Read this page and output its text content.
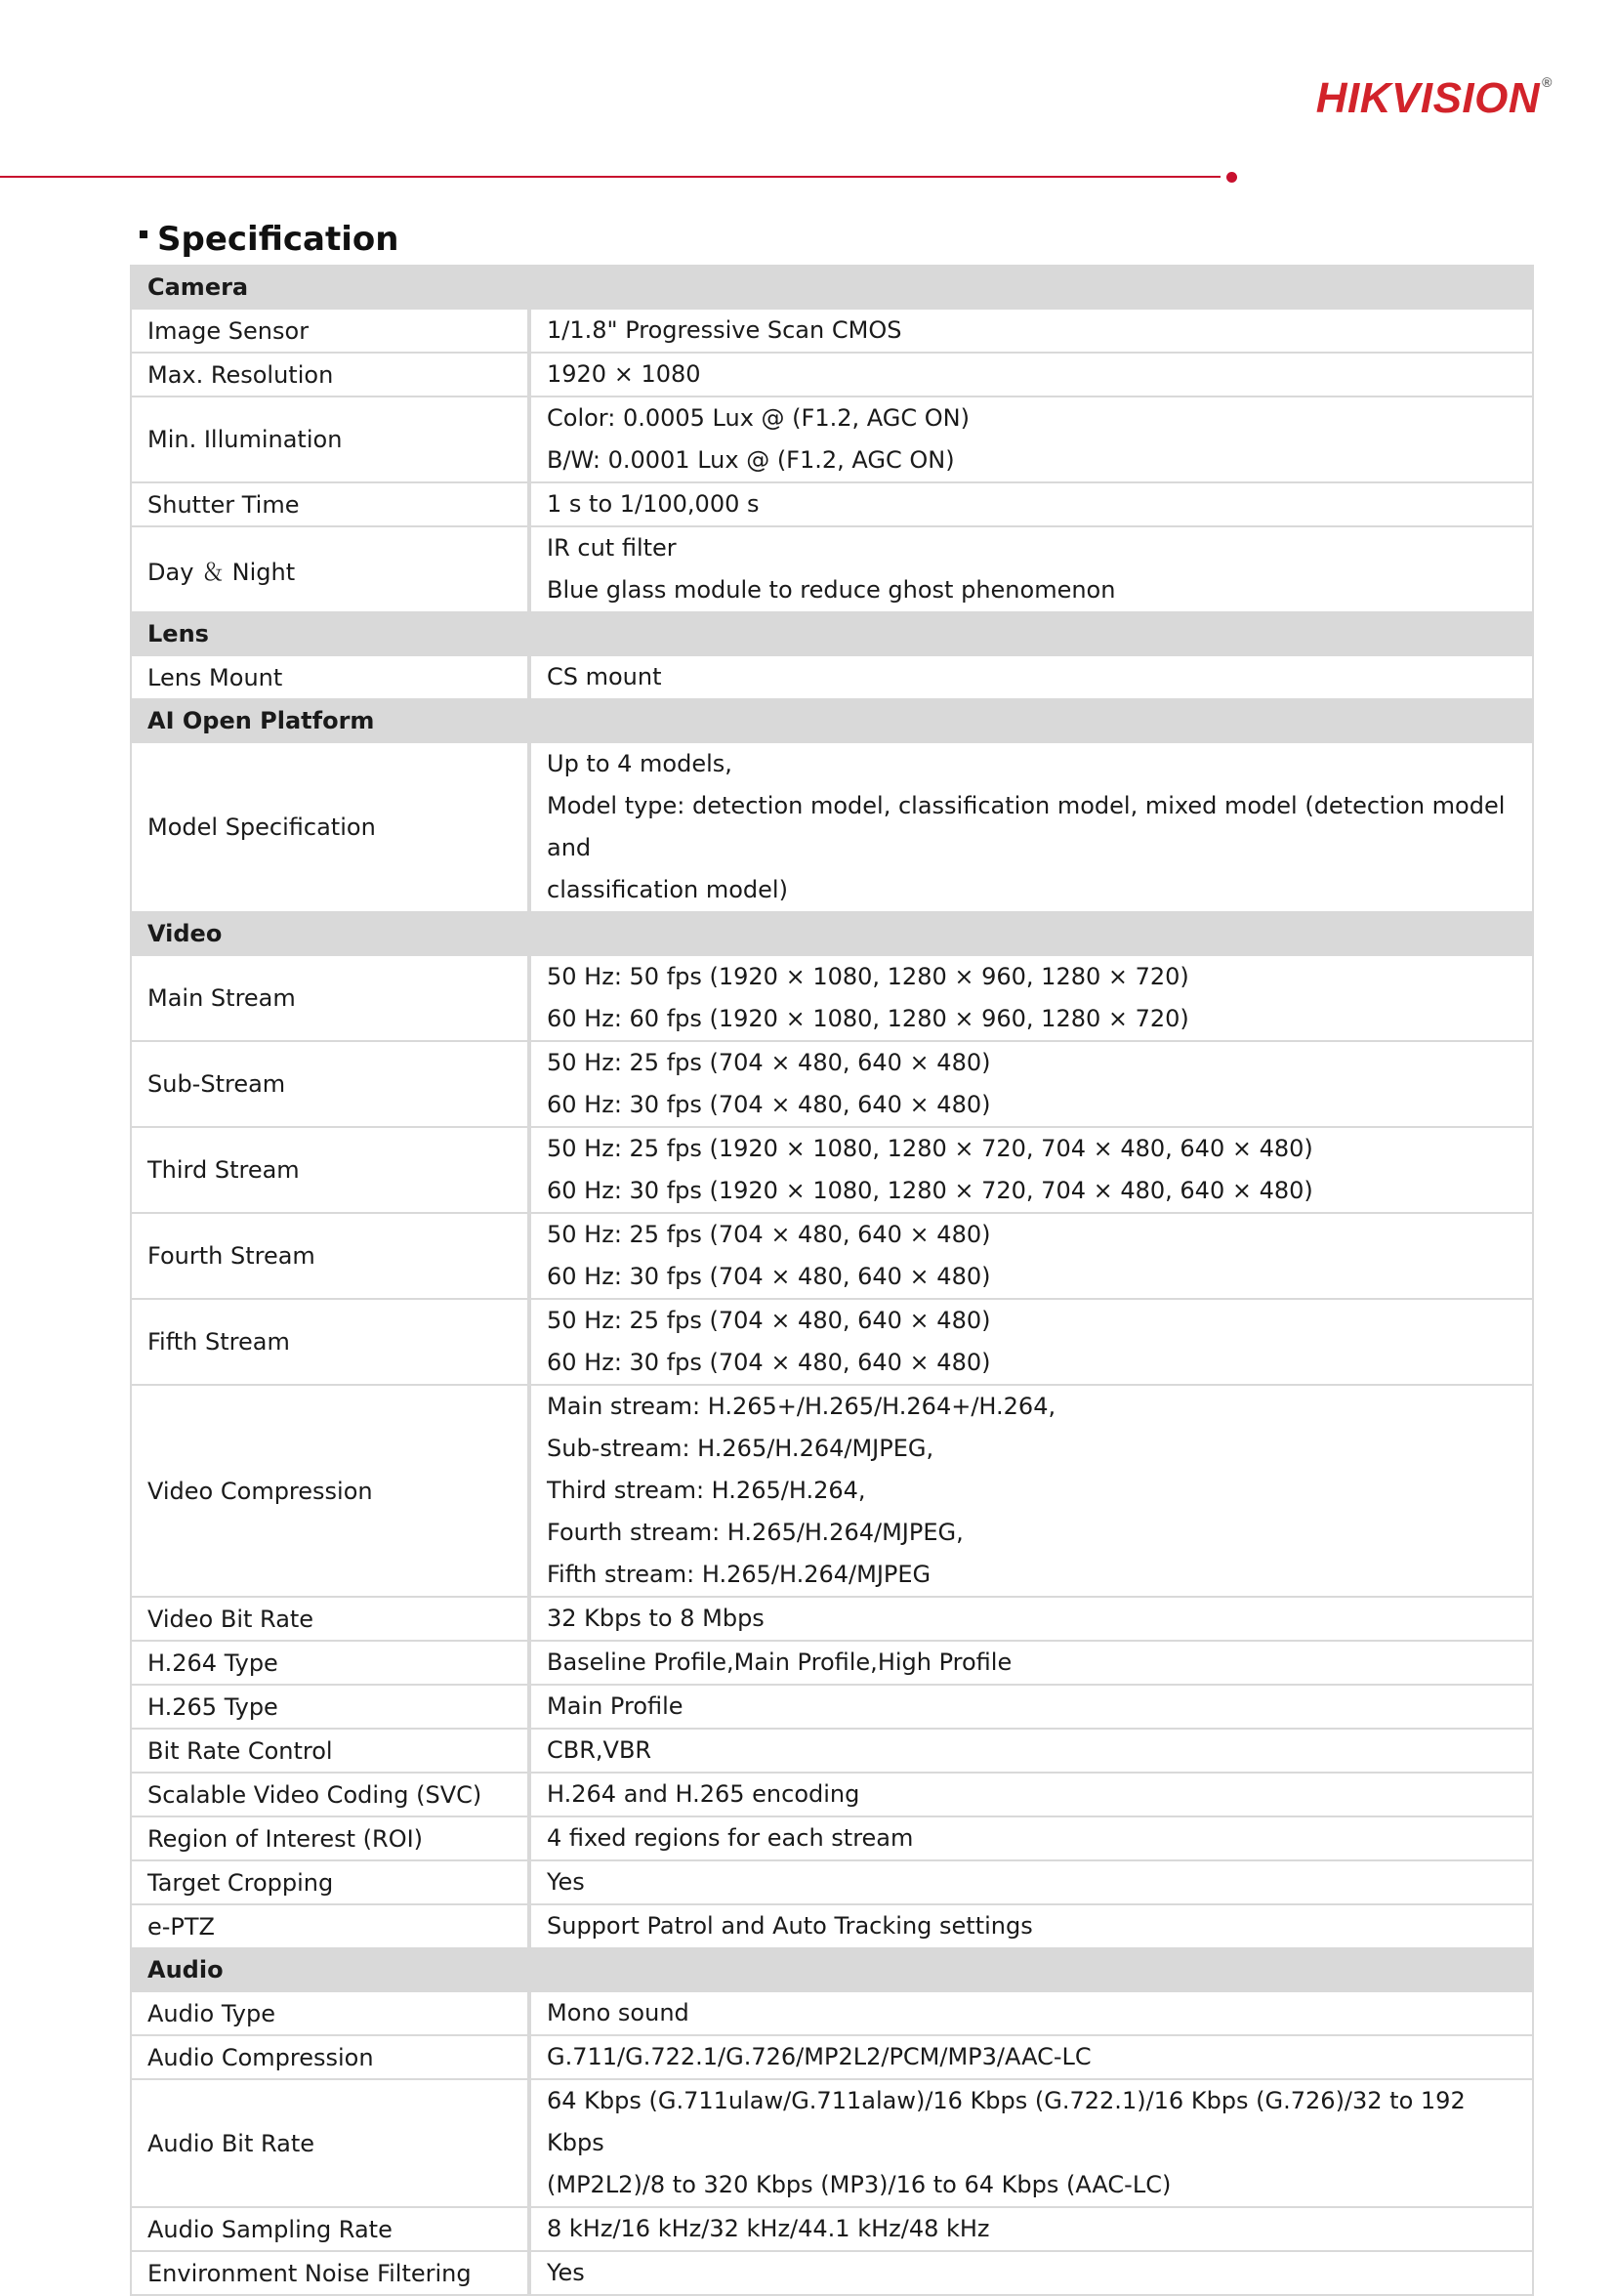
HIKVISION ®
Specification
Camera	
Image Sensor	1/1.8" Progressive Scan CMOS

Max. Resolution	1920 × 1080

Min. Illumination	Color: 0.0005 Lux @ (F1.2, AGC ON)
B/W: 0.0001 Lux @ (F1.2, AGC ON)

Shutter Time	1 s to 1/100,000 s

Day ＆ Night	IR cut filter
Blue glass module to reduce ghost phenomenon

Lens	
Lens Mount	CS mount

AI Open Platform	
Model Specification	Up to 4 models,
Model type: detection model, classification model, mixed model (detection model and
classification model)

Video	
Main Stream	50 Hz: 50 fps (1920 × 1080, 1280 × 960, 1280 × 720)
60 Hz: 60 fps (1920 × 1080, 1280 × 960, 1280 × 720)

Sub-Stream	50 Hz: 25 fps (704 × 480, 640 × 480)
60 Hz: 30 fps (704 × 480, 640 × 480)

Third Stream	50 Hz: 25 fps (1920 × 1080, 1280 × 720, 704 × 480, 640 × 480)
60 Hz: 30 fps (1920 × 1080, 1280 × 720, 704 × 480, 640 × 480)

Fourth Stream	50 Hz: 25 fps (704 × 480, 640 × 480)
60 Hz: 30 fps (704 × 480, 640 × 480)

Fifth Stream	50 Hz: 25 fps (704 × 480, 640 × 480)
60 Hz: 30 fps (704 × 480, 640 × 480)

Video Compression	Main stream: H.265+/H.265/H.264+/H.264,
Sub-stream: H.265/H.264/MJPEG,
Third stream: H.265/H.264,
Fourth stream: H.265/H.264/MJPEG,
Fifth stream: H.265/H.264/MJPEG

Video Bit Rate	32 Kbps to 8 Mbps

H.264 Type	Baseline Profile,Main Profile,High Profile

H.265 Type	Main Profile

Bit Rate Control	CBR,VBR

Scalable Video Coding (SVC)	H.264 and H.265 encoding

Region of Interest (ROI)	4 fixed regions for each stream

Target Cropping	Yes

e-PTZ	Support Patrol and Auto Tracking settings

Audio	
Audio Type	Mono sound

Audio Compression	G.711/G.722.1/G.726/MP2L2/PCM/MP3/AAC-LC

Audio Bit Rate	64 Kbps (G.711ulaw/G.711alaw)/16 Kbps (G.722.1)/16 Kbps (G.726)/32 to 192 Kbps
(MP2L2)/8 to 320 Kbps (MP3)/16 to 64 Kbps (AAC-LC)

Audio Sampling Rate	8 kHz/16 kHz/32 kHz/44.1 kHz/48 kHz

Environment Noise Filtering	Yes
